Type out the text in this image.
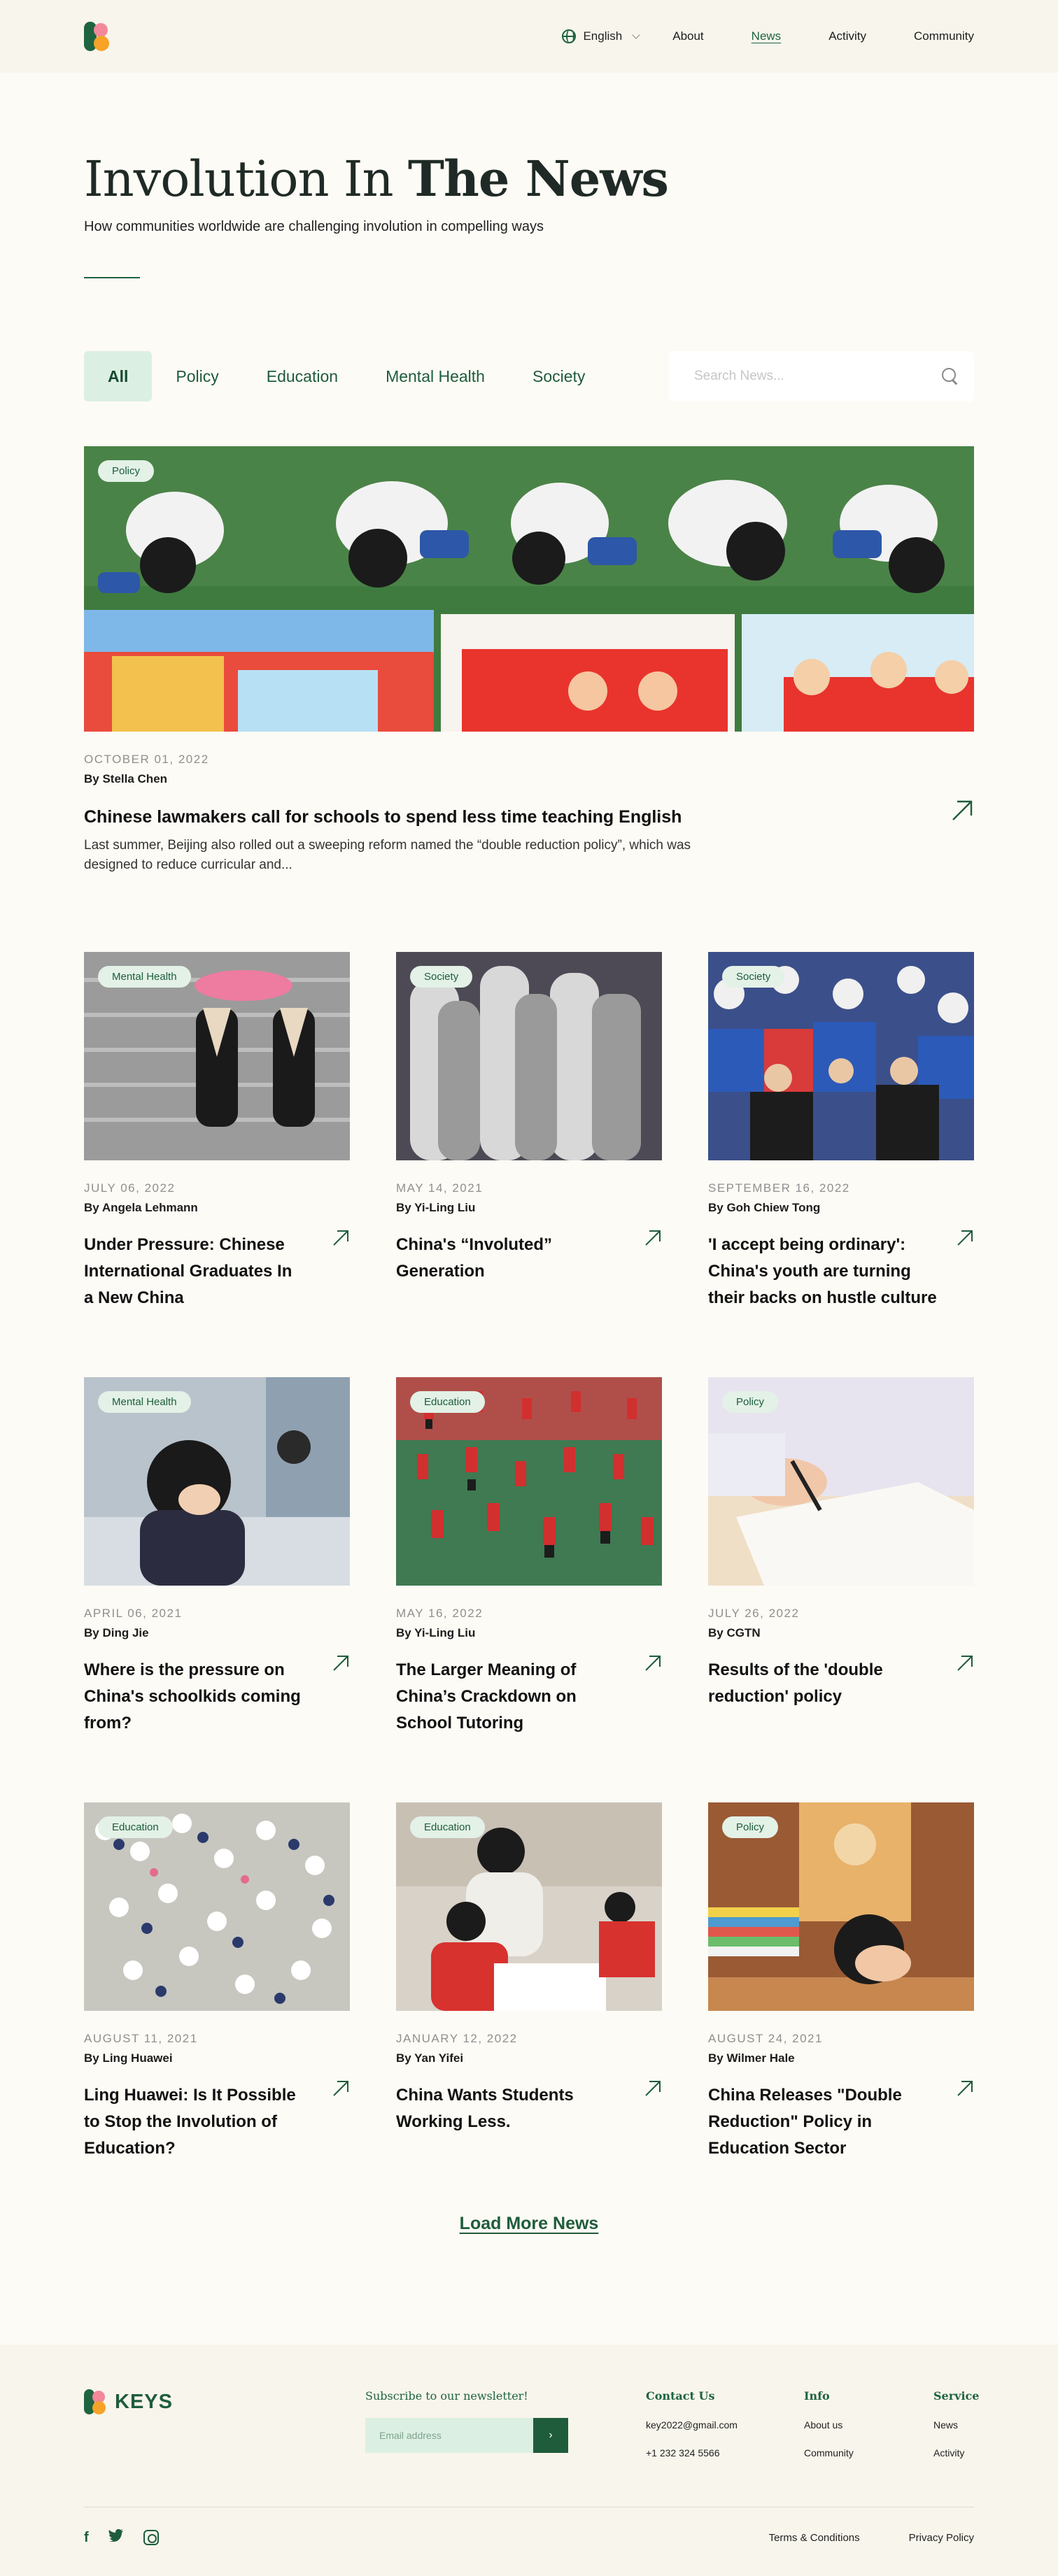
English	About	News	Activity	Community
Involution In The News

How communities worldwide are challenging involution in compelling ways

All	Policy	Education	Mental Health	Society
Search News...
Policy
OCTOBER 01, 2022
By Stella Chen
Chinese lawmakers call for schools to spend less time teaching English
Last summer, Beijing also rolled out a sweeping reform named the “double reduction policy”, which was designed to reduce curricular and...
Mental Health
JULY 06, 2022
By Angela Lehmann
Under Pressure: Chinese International Graduates In a New China
Society
MAY 14, 2021
By Yi-Ling Liu
China's “Involuted” Generation
Society
SEPTEMBER 16, 2022
By Goh Chiew Tong
'I accept being ordinary': China's youth are turning their backs on hustle culture
Mental Health
APRIL 06, 2021
By Ding Jie
Where is the pressure on China's schoolkids coming from?
Education
MAY 16, 2022
By Yi-Ling Liu
The Larger Meaning of China’s Crackdown on School Tutoring
Policy
JULY 26, 2022
By CGTN
Results of the 'double reduction' policy
Education
AUGUST 11, 2021
By Ling Huawei
Ling Huawei: Is It Possible to Stop the Involution of Education?
Education
JANUARY 12, 2022
By Yan Yifei
China Wants Students Working Less.
Policy
AUGUST 24, 2021
By Wilmer Hale
China Releases "Double Reduction" Policy in Education Sector
Load More News
KEYS	Subscribe to our newsletter!
Email address
›
Contact Us
key2022@gmail.com
+1 232 324 5566
Info
About us
Community
Service
News
Activity
f	Terms & Conditions	Privacy Policy
